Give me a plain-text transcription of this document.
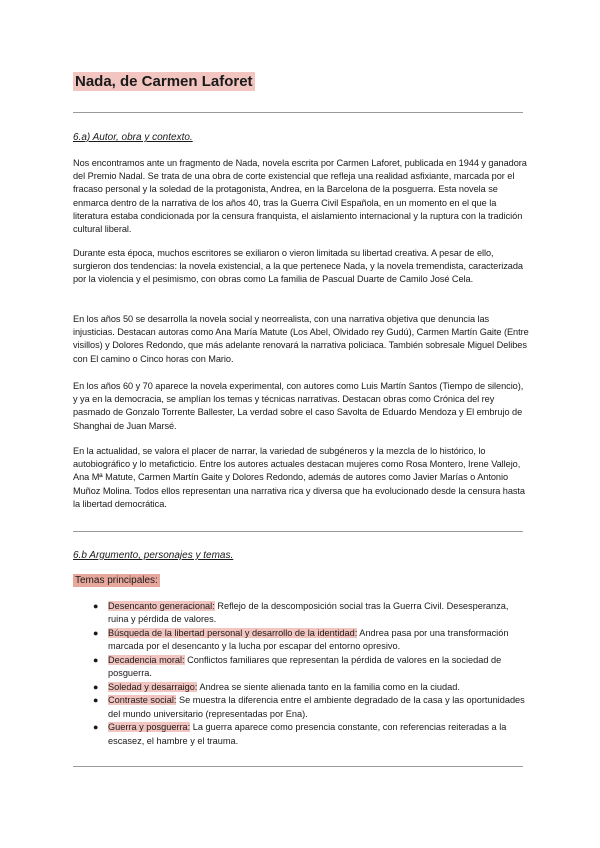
Nada, de Carmen Laforet
6.a) Autor, obra y contexto.

Nos encontramos ante un fragmento de Nada, novela escrita por Carmen Laforet, publicada en 1944 y ganadora del Premio Nadal. Se trata de una obra de corte existencial que refleja una realidad asfixiante, marcada por el fracaso personal y la soledad de la protagonista, Andrea, en la Barcelona de la posguerra. Esta novela se enmarca dentro de la narrativa de los años 40, tras la Guerra Civil Española, en un momento en el que la literatura estaba condicionada por la censura franquista, el aislamiento internacional y la ruptura con la tradición cultural liberal.

Durante esta época, muchos escritores se exiliaron o vieron limitada su libertad creativa. A pesar de ello, surgieron dos tendencias: la novela existencial, a la que pertenece Nada, y la novela tremendista, caracterizada por la violencia y el pesimismo, con obras como La familia de Pascual Duarte de Camilo José Cela.

En los años 50 se desarrolla la novela social y neorrealista, con una narrativa objetiva que denuncia las injusticias. Destacan autoras como Ana María Matute (Los Abel, Olvidado rey Gudú), Carmen Martín Gaite (Entre visillos) y Dolores Redondo, que más adelante renovará la narrativa policiaca. También sobresale Miguel Delibes con El camino o Cinco horas con Mario.

En los años 60 y 70 aparece la novela experimental, con autores como Luis Martín Santos (Tiempo de silencio), y ya en la democracia, se amplían los temas y técnicas narrativas. Destacan obras como Crónica del rey pasmado de Gonzalo Torrente Ballester, La verdad sobre el caso Savolta de Eduardo Mendoza y El embrujo de Shanghai de Juan Marsé.

En la actualidad, se valora el placer de narrar, la variedad de subgéneros y la mezcla de lo histórico, lo autobiográfico y lo metaficticio. Entre los autores actuales destacan mujeres como Rosa Montero, Irene Vallejo, Ana Mª Matute, Carmen Martín Gaite y Dolores Redondo, además de autores como Javier Marías o Antonio Muñoz Molina. Todos ellos representan una narrativa rica y diversa que ha evolucionado desde la censura hasta la libertad democrática.

6.b Argumento, personajes y temas.
Temas principales:
● Desencanto generacional: Reflejo de la descomposición social tras la Guerra Civil. Desesperanza, ruina y pérdida de valores.
● Búsqueda de la libertad personal y desarrollo de la identidad: Andrea pasa por una transformación marcada por el desencanto y la lucha por escapar del entorno opresivo.
● Decadencia moral: Conflictos familiares que representan la pérdida de valores en la sociedad de posguerra.
● Soledad y desarraigo: Andrea se siente alienada tanto en la familia como en la ciudad.
● Contraste social: Se muestra la diferencia entre el ambiente degradado de la casa y las oportunidades del mundo universitario (representadas por Ena).
● Guerra y posguerra: La guerra aparece como presencia constante, con referencias reiteradas a la escasez, el hambre y el trauma.
